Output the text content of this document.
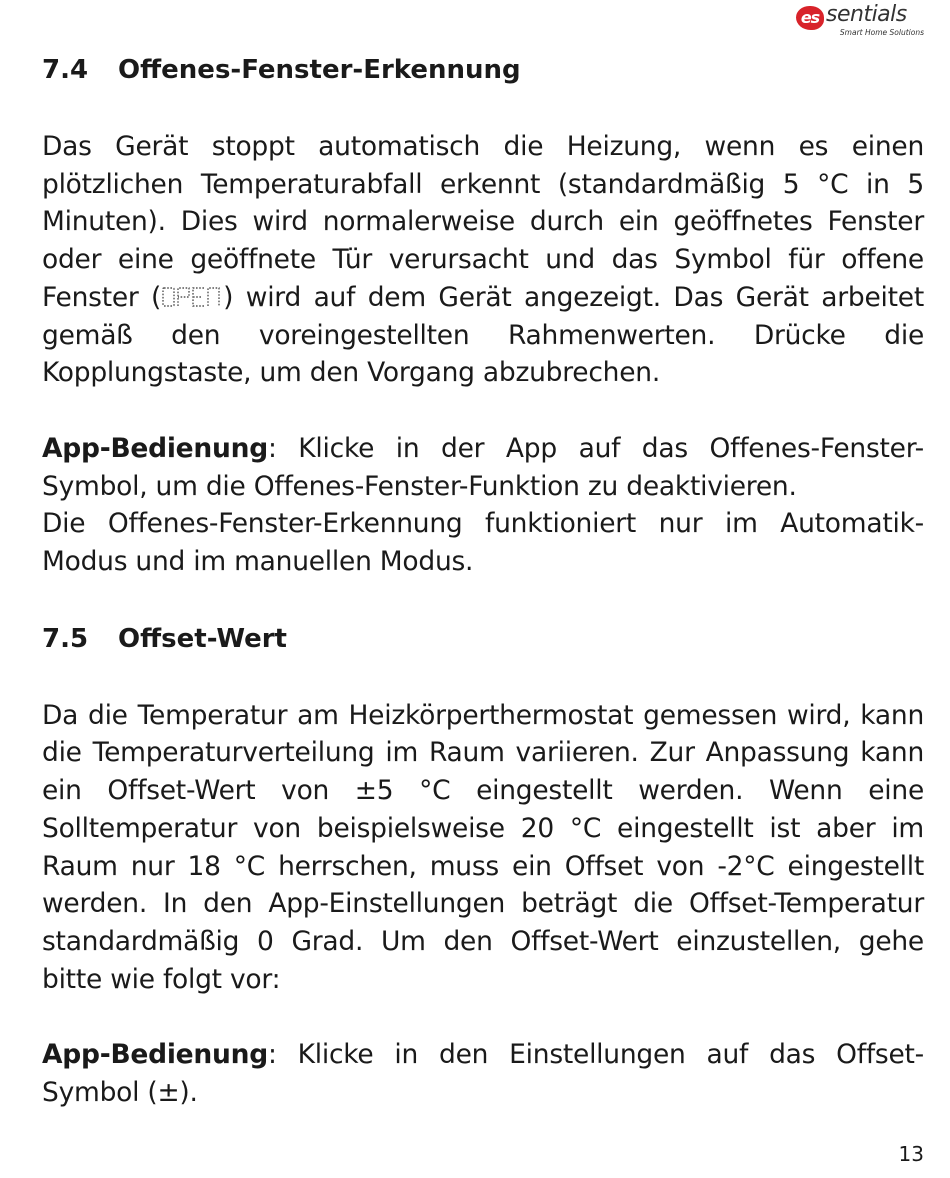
es sentials
Smart Home Solutions
7.4	Offenes-Fenster-Erkennung

Das Gerät stoppt automatisch die Heizung, wenn es einen plötzlichen Temperaturabfall erkennt (standardmäßig 5 °C in 5 Minuten). Dies wird normalerweise durch ein geöffnetes Fenster oder eine geöffnete Tür verursacht und das Symbol für offene Fenster ( ) wird auf dem Gerät angezeigt. Das Gerät arbeitet gemäß den voreingestellten Rahmenwerten. Drücke die Kopplungstaste, um den Vorgang abzubrechen.

App-Bedienung: Klicke in der App auf das Offenes-Fenster-Symbol, um die Offenes-Fenster-Funktion zu deaktivieren.

Die Offenes-Fenster-Erkennung funktioniert nur im Automatik-Modus und im manuellen Modus.

7.5	Offset-Wert

Da die Temperatur am Heizkörperthermostat gemessen wird, kann die Temperaturverteilung im Raum variieren. Zur Anpassung kann ein Offset-Wert von ±5 °C eingestellt werden. Wenn eine Solltemperatur von beispielsweise 20 °C eingestellt ist aber im Raum nur 18 °C herrschen, muss ein Offset von -2°C eingestellt werden. In den App-Einstellungen beträgt die Offset-Temperatur standardmäßig 0 Grad. Um den Offset-Wert einzustellen, gehe bitte wie folgt vor:

App-Bedienung: Klicke in den Einstellungen auf das Offset-Symbol (±).

13
